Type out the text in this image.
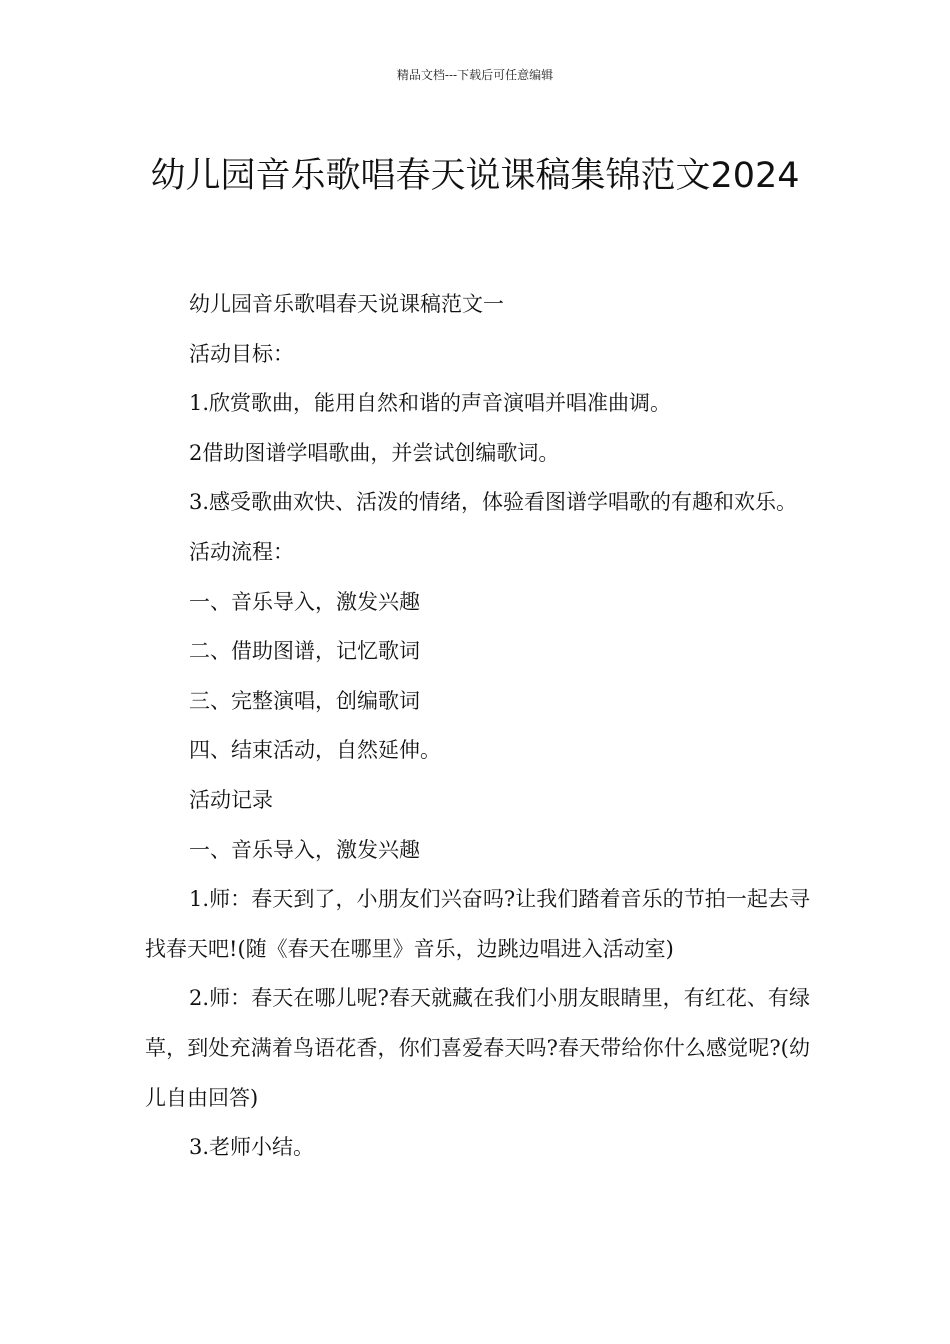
精品文档---下载后可任意编辑
幼儿园音乐歌唱春天说课稿集锦范文2024

幼儿园音乐歌唱春天说课稿范文一

活动目标：

1.欣赏歌曲，能用自然和谐的声音演唱并唱准曲调。

2借助图谱学唱歌曲，并尝试创编歌词。

3.感受歌曲欢快、活泼的情绪，体验看图谱学唱歌的有趣和欢乐。

活动流程：

一、音乐导入，激发兴趣

二、借助图谱，记忆歌词

三、完整演唱，创编歌词

四、结束活动，自然延伸。

活动记录

一、音乐导入，激发兴趣

1.师：春天到了，小朋友们兴奋吗?让我们踏着音乐的节拍一起去寻找春天吧!(随《春天在哪里》音乐，边跳边唱进入活动室)

2.师：春天在哪儿呢?春天就藏在我们小朋友眼睛里，有红花、有绿草，到处充满着鸟语花香，你们喜爱春天吗?春天带给你什么感觉呢?(幼儿自由回答)

3.老师小结。
